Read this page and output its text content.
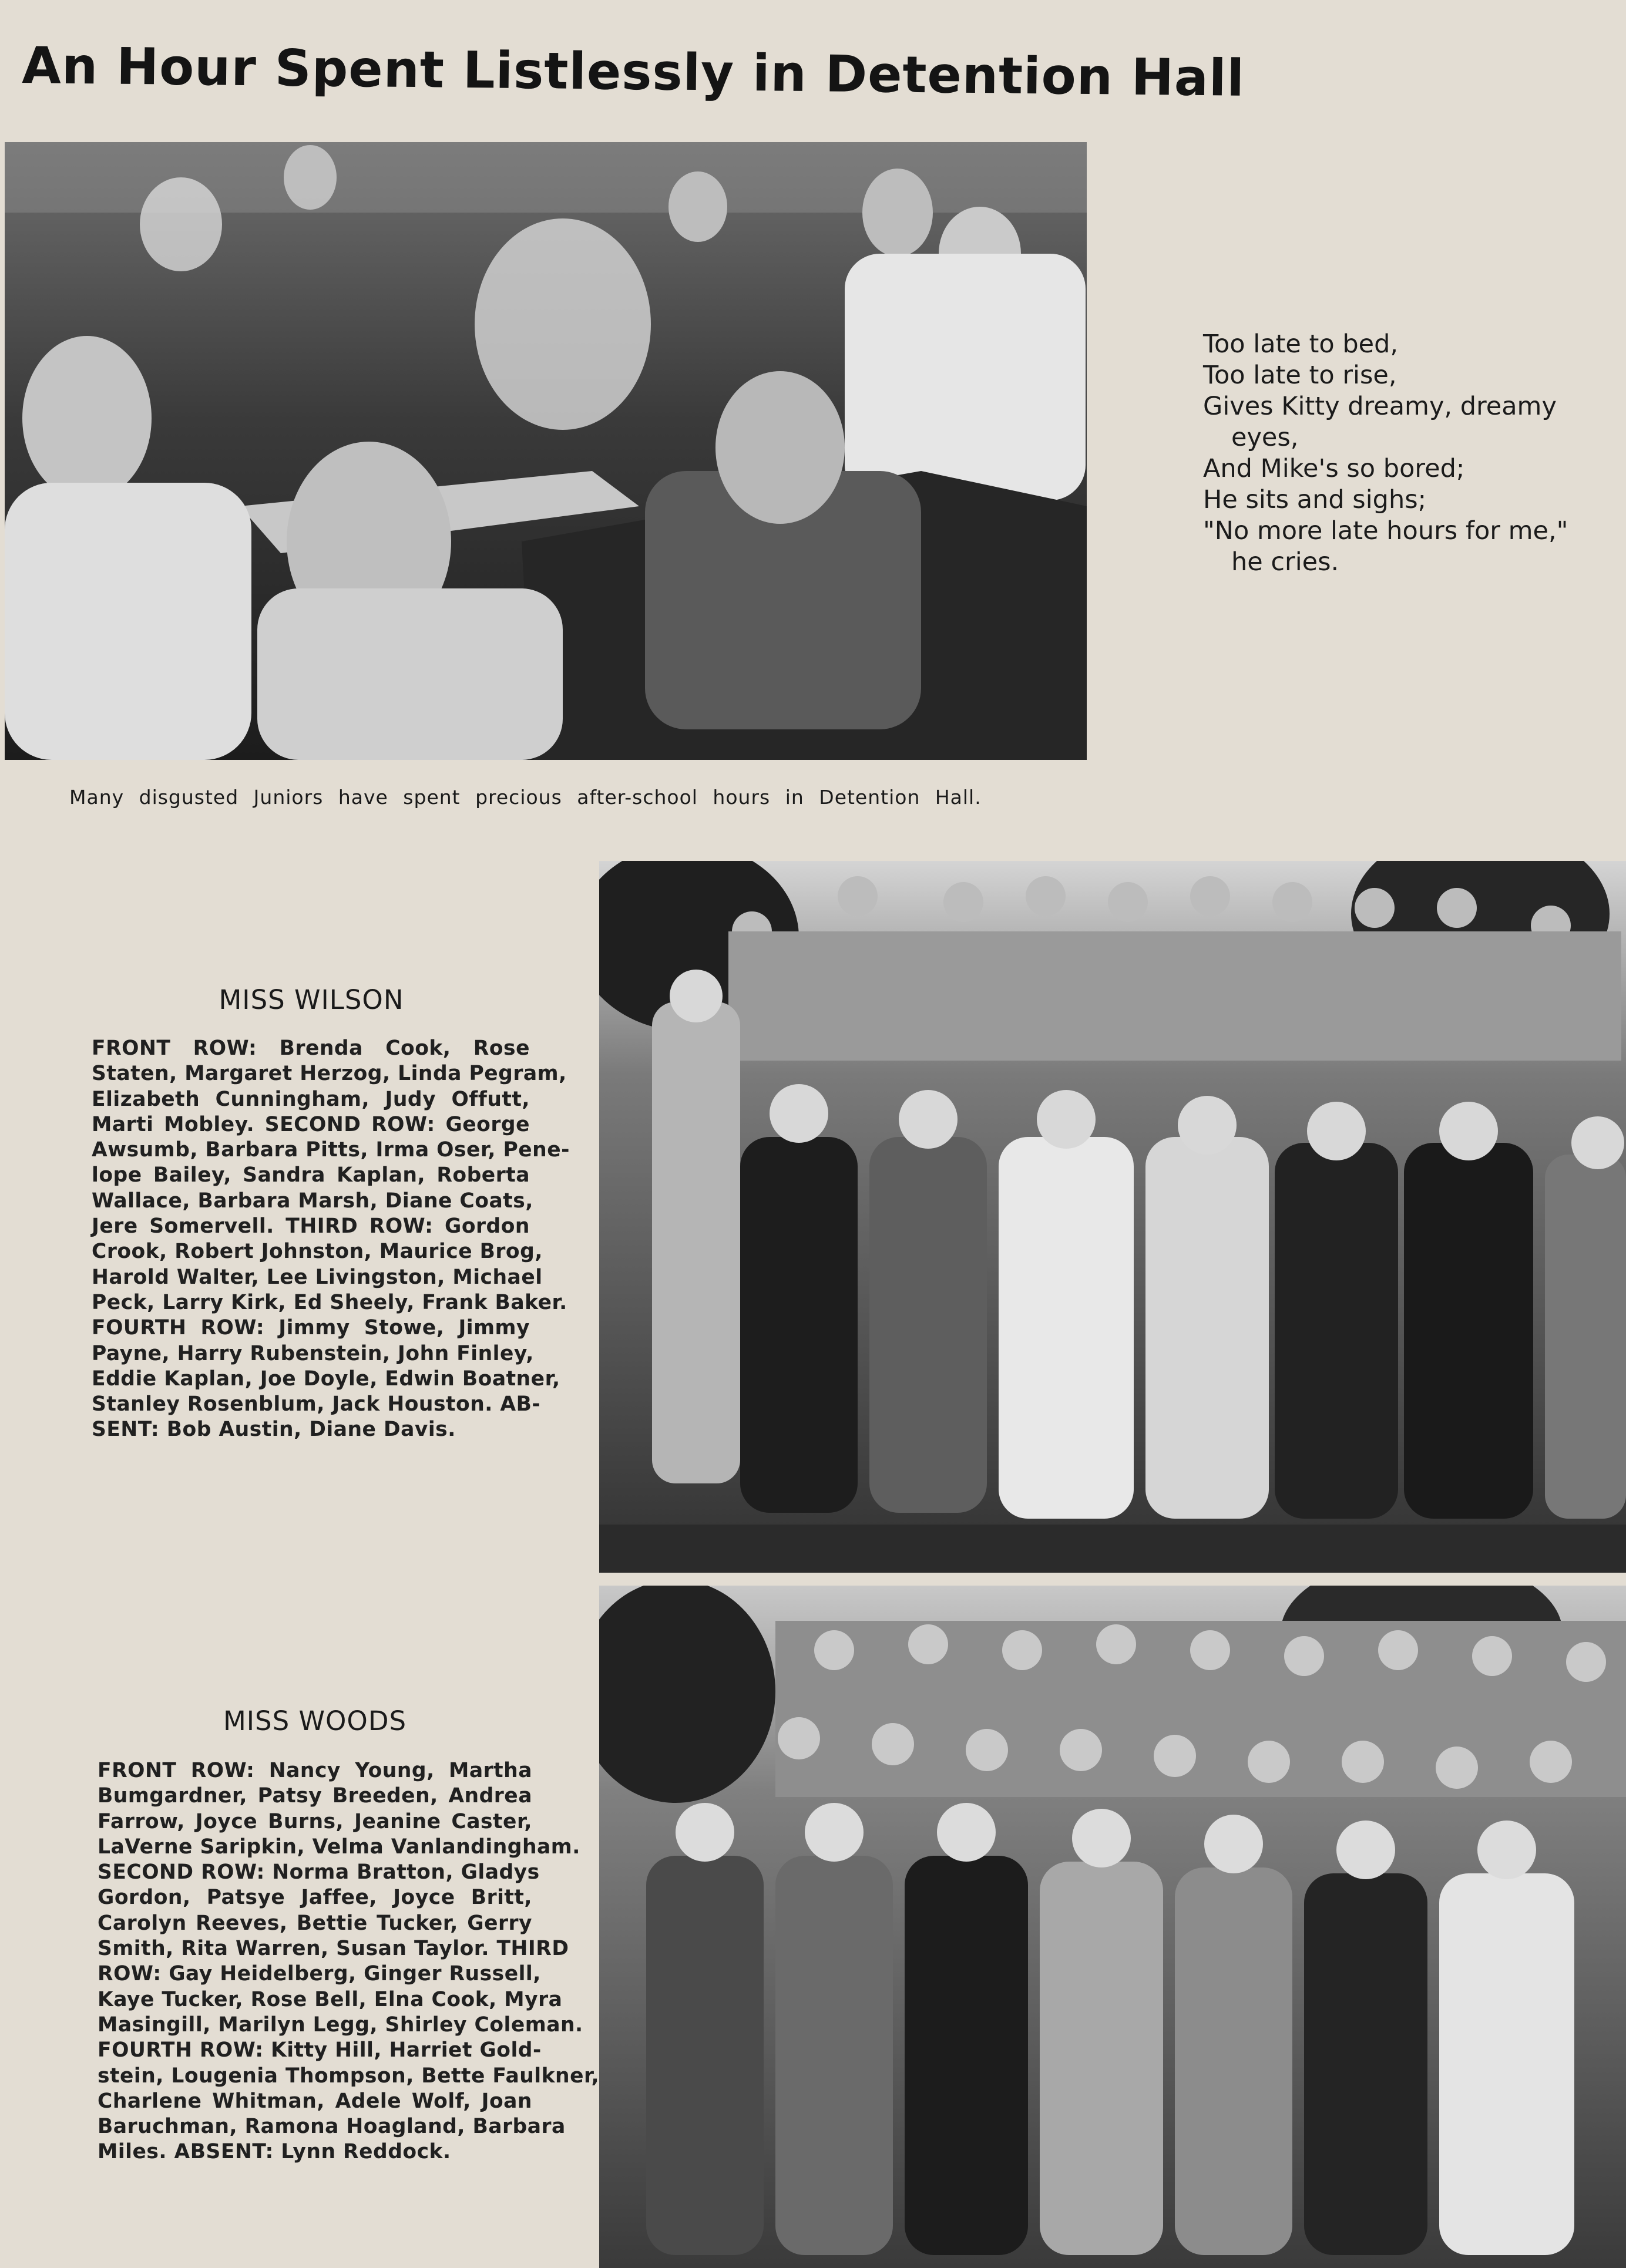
An Hour Spent Listlessly in Detention Hall
Too late to bed,
Too late to rise,
Gives Kitty dreamy, dreamy
eyes,
And Mike's so bored;
He sits and sighs;
"No more late hours for me,"
he cries.
Many disgusted Juniors have spent precious after-school hours in Detention Hall.
MISS WILSON
FRONT ROW: Brenda Cook, Rose
Staten, Margaret Herzog, Linda Pegram,
Elizabeth Cunningham, Judy Offutt,
Marti Mobley. SECOND ROW: George
Awsumb, Barbara Pitts, Irma Oser, Pene-
lope Bailey, Sandra Kaplan, Roberta
Wallace, Barbara Marsh, Diane Coats,
Jere Somervell. THIRD ROW: Gordon
Crook, Robert Johnston, Maurice Brog,
Harold Walter, Lee Livingston, Michael
Peck, Larry Kirk, Ed Sheely, Frank Baker.
FOURTH ROW: Jimmy Stowe, Jimmy
Payne, Harry Rubenstein, John Finley,
Eddie Kaplan, Joe Doyle, Edwin Boatner,
Stanley Rosenblum, Jack Houston. AB-
SENT: Bob Austin, Diane Davis.
MISS WOODS
FRONT ROW: Nancy Young, Martha
Bumgardner, Patsy Breeden, Andrea
Farrow, Joyce Burns, Jeanine Caster,
LaVerne Saripkin, Velma Vanlandingham.
SECOND ROW: Norma Bratton, Gladys
Gordon, Patsye Jaffee, Joyce Britt,
Carolyn Reeves, Bettie Tucker, Gerry
Smith, Rita Warren, Susan Taylor. THIRD
ROW: Gay Heidelberg, Ginger Russell,
Kaye Tucker, Rose Bell, Elna Cook, Myra
Masingill, Marilyn Legg, Shirley Coleman.
FOURTH ROW: Kitty Hill, Harriet Gold-
stein, Lougenia Thompson, Bette Faulkner,
Charlene Whitman, Adele Wolf, Joan
Baruchman, Ramona Hoagland, Barbara
Miles. ABSENT: Lynn Reddock.
